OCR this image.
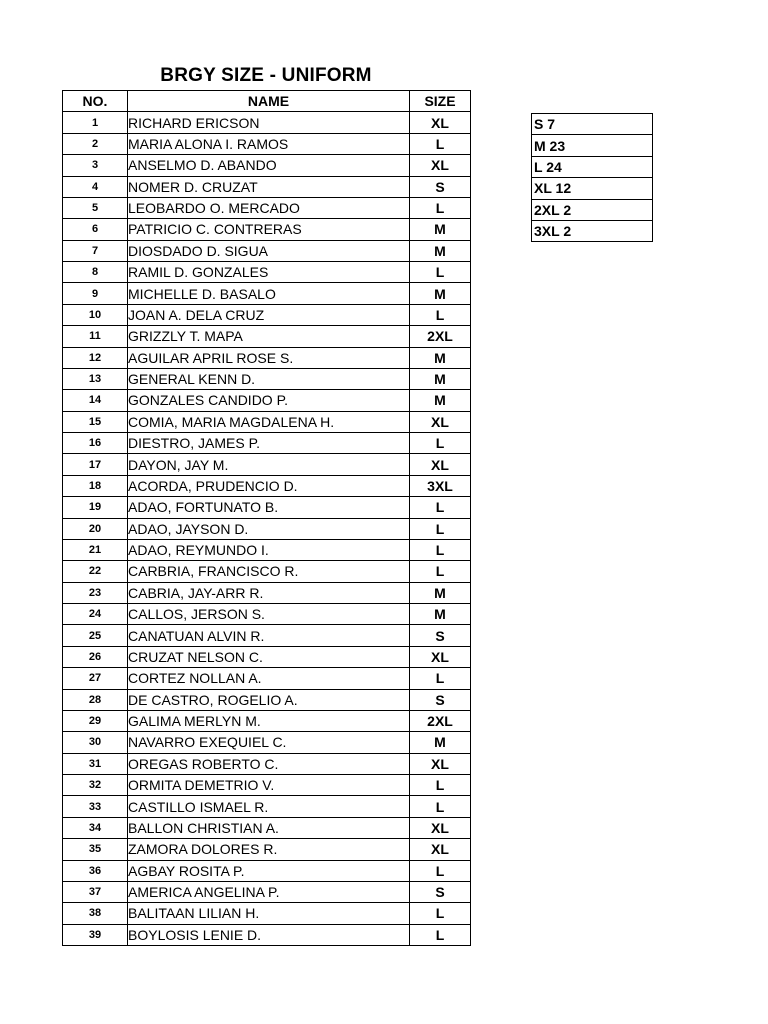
BRGY SIZE - UNIFORM
NO.	NAME	SIZE
1	RICHARD ERICSON	XL
2	MARIA ALONA I. RAMOS	L
3	ANSELMO D. ABANDO	XL
4	NOMER D. CRUZAT	S
5	LEOBARDO O. MERCADO	L
6	PATRICIO C. CONTRERAS	M
7	DIOSDADO D. SIGUA	M
8	RAMIL D. GONZALES	L
9	MICHELLE D. BASALO	M
10	JOAN A. DELA CRUZ	L
11	GRIZZLY T. MAPA	2XL
12	AGUILAR APRIL ROSE S.	M
13	GENERAL KENN D.	M
14	GONZALES CANDIDO P.	M
15	COMIA, MARIA MAGDALENA H.	XL
16	DIESTRO, JAMES P.	L
17	DAYON, JAY M.	XL
18	ACORDA, PRUDENCIO D.	3XL
19	ADAO, FORTUNATO B.	L
20	ADAO, JAYSON D.	L
21	ADAO, REYMUNDO I.	L
22	CARBRIA, FRANCISCO R.	L
23	CABRIA, JAY-ARR R.	M
24	CALLOS, JERSON S.	M
25	CANATUAN ALVIN R.	S
26	CRUZAT NELSON C.	XL
27	CORTEZ NOLLAN A.	L
28	DE CASTRO, ROGELIO A.	S
29	GALIMA MERLYN M.	2XL
30	NAVARRO EXEQUIEL C.	M
31	OREGAS ROBERTO C.	XL
32	ORMITA DEMETRIO V.	L
33	CASTILLO ISMAEL R.	L
34	BALLON CHRISTIAN A.	XL
35	ZAMORA DOLORES R.	XL
36	AGBAY ROSITA P.	L
37	AMERICA ANGELINA P.	S
38	BALITAAN LILIAN H.	L
39	BOYLOSIS LENIE D.	L
S 7
M 23
L 24
XL 12
2XL 2
3XL 2
